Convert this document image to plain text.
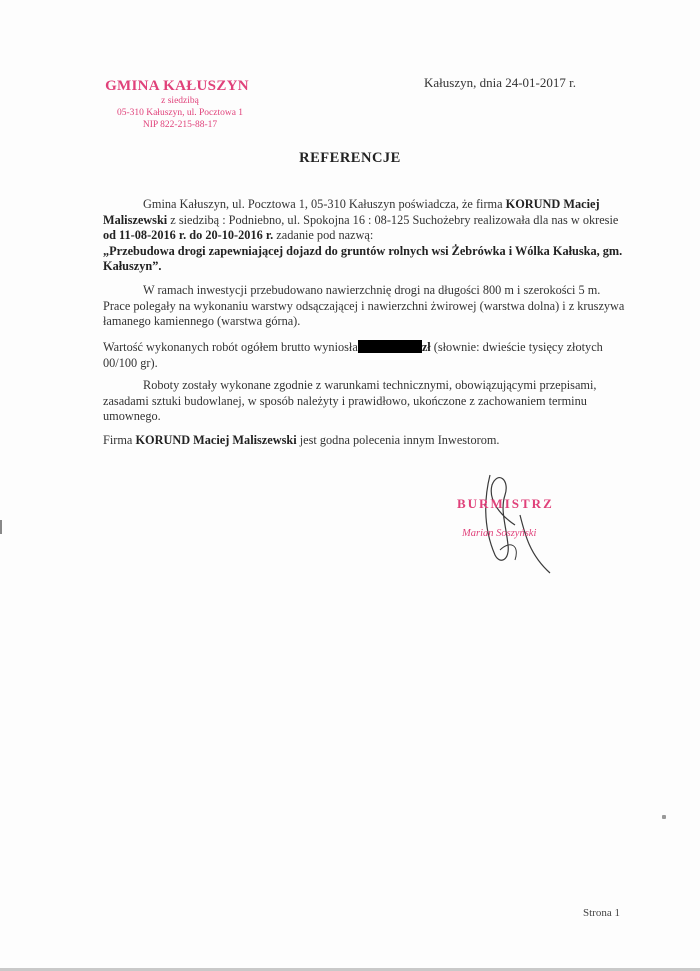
GMINA KAŁUSZYN
z siedzibą
05-310 Kałuszyn, ul. Pocztowa 1
NIP 822-215-88-17
Kałuszyn, dnia 24-01-2017 r.
REFERENCJE
Gmina Kałuszyn, ul. Pocztowa 1, 05-310 Kałuszyn poświadcza, że firma KORUND Maciej Maliszewski z siedzibą : Podniebno, ul. Spokojna 16 : 08-125 Suchożebry realizowała dla nas w okresie od 11-08-2016 r. do 20-10-2016 r. zadanie pod nazwą:
„Przebudowa drogi zapewniającej dojazd do gruntów rolnych wsi Żebrówka i Wólka Kałuska, gm. Kałuszyn”.
W ramach inwestycji przebudowano nawierzchnię drogi na długości 800 m i szerokości 5 m. Prace polegały na wykonaniu warstwy odsączającej i nawierzchni żwirowej (warstwa dolna) i z kruszywa łamanego kamiennego (warstwa górna).
Wartość wykonanych robót ogółem brutto wyniosła	zł (słownie: dwieście tysięcy złotych 00/100 gr).
Roboty zostały wykonane zgodnie z warunkami technicznymi, obowiązującymi przepisami, zasadami sztuki budowlanej, w sposób należyty i prawidłowo, ukończone z zachowaniem terminu umownego.
Firma KORUND Maciej Maliszewski jest godna polecenia innym Inwestorom.
BURMISTRZ
Marian Soszyński
Strona 1
